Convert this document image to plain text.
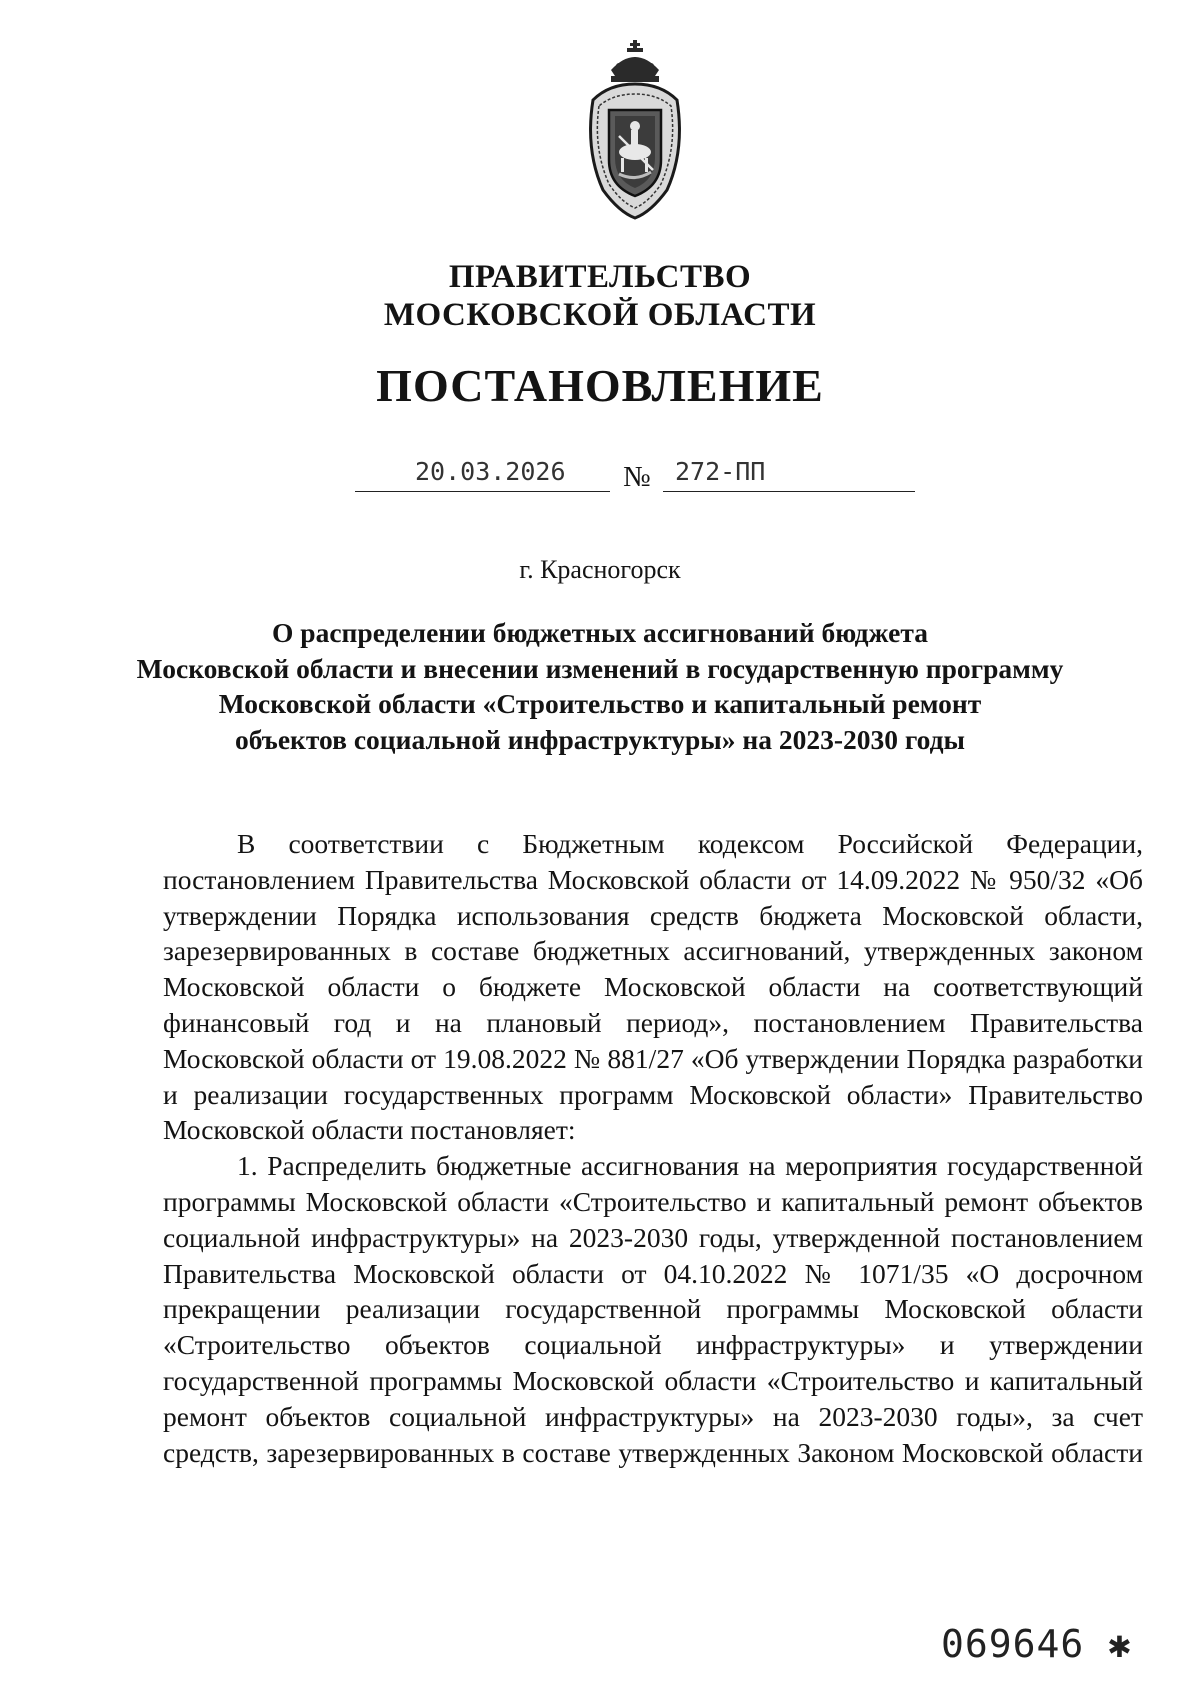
ПРАВИТЕЛЬСТВО
МОСКОВСКОЙ ОБЛАСТИ
ПОСТАНОВЛЕНИЕ
20.03.2026 № 272-ПП
г. Красногорск
О распределении бюджетных ассигнований бюджета
Московской области и внесении изменений в государственную программу
Московской области «Строительство и капитальный ремонт
объектов социальной инфраструктуры» на 2023-2030 годы

В соответствии с Бюджетным кодексом Российской Федерации, постановлением Правительства Московской области от 14.09.2022 № 950/32 «Об утверждении Порядка использования средств бюджета Московской области, зарезервированных в составе бюджетных ассигнований, утвержденных законом Московской области о бюджете Московской области на соответствующий финансовый год и на плановый период», постановлением Правительства Московской области от 19.08.2022 № 881/27 «Об утверждении Порядка разработки и реализации государственных программ Московской области» Правительство Московской области постановляет:

1. Распределить бюджетные ассигнования на мероприятия государственной программы Московской области «Строительство и капитальный ремонт объектов социальной инфраструктуры» на 2023-2030 годы, утвержденной постановлением Правительства Московской области от 04.10.2022 № 1071/35 «О досрочном прекращении реализации государственной программы Московской области «Строительство объектов социальной инфраструктуры» и утверждении государственной программы Московской области «Строительство и капитальный ремонт объектов социальной инфраструктуры» на 2023-2030 годы», за счет средств, зарезервированных в составе утвержденных Законом Московской области

069646 ✱
